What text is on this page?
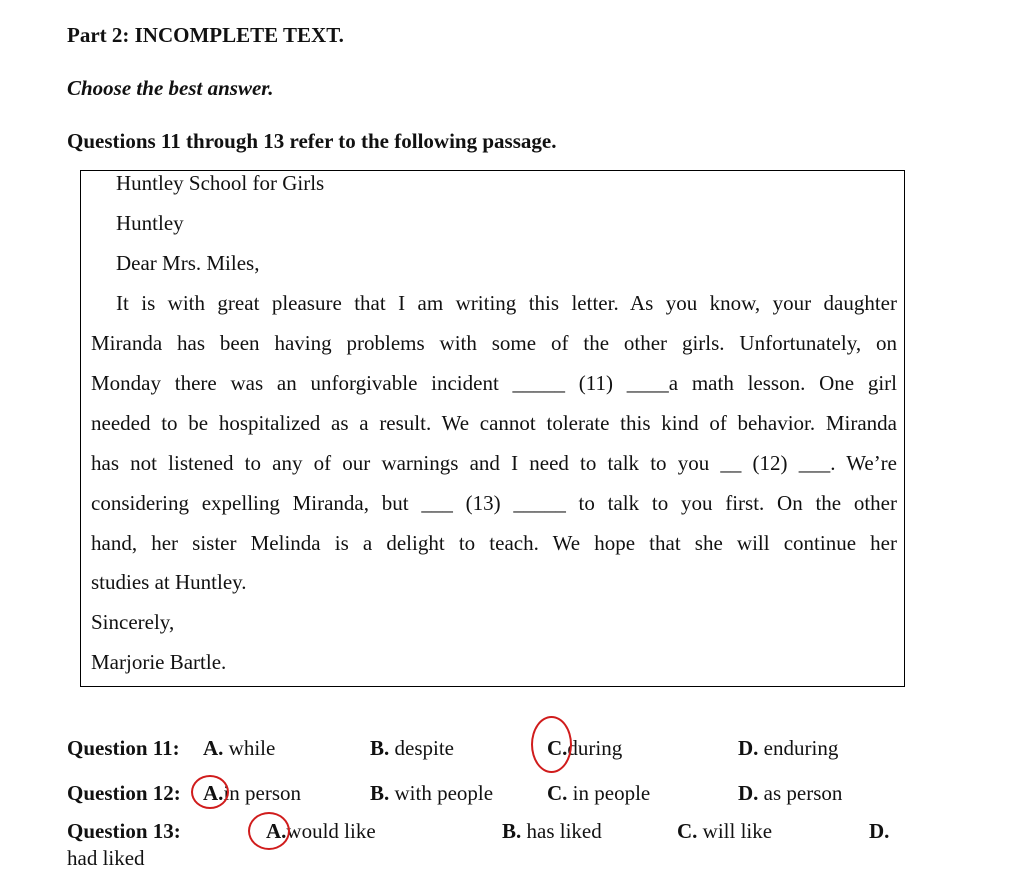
Part 2: INCOMPLETE TEXT.
Choose the best answer.
Questions 11 through 13 refer to the following passage.
Huntley School for Girls
Huntley
Dear Mrs. Miles,
It is with great pleasure that I am writing this letter. As you know, your daughter
Miranda has been having problems with some of the other girls. Unfortunately, on
Monday there was an unforgivable incident _____ (11) ____a math lesson. One girl
needed to be hospitalized as a result. We cannot tolerate this kind of behavior. Miranda
has not listened to any of our warnings and I need to talk to you __ (12) ___. We’re
considering expelling Miranda, but ___ (13) _____ to talk to you first. On the other
hand, her sister Melinda is a delight to teach. We hope that she will continue her
studies at Huntley.
Sincerely,
Marjorie Bartle.
Question 11: A. while	B. despite	C.during	D. enduring
Question 12: A.in person	B. with people	C. in people	D. as person
Question 13:	A.would like	B. has liked	C. will like	D.
had liked
